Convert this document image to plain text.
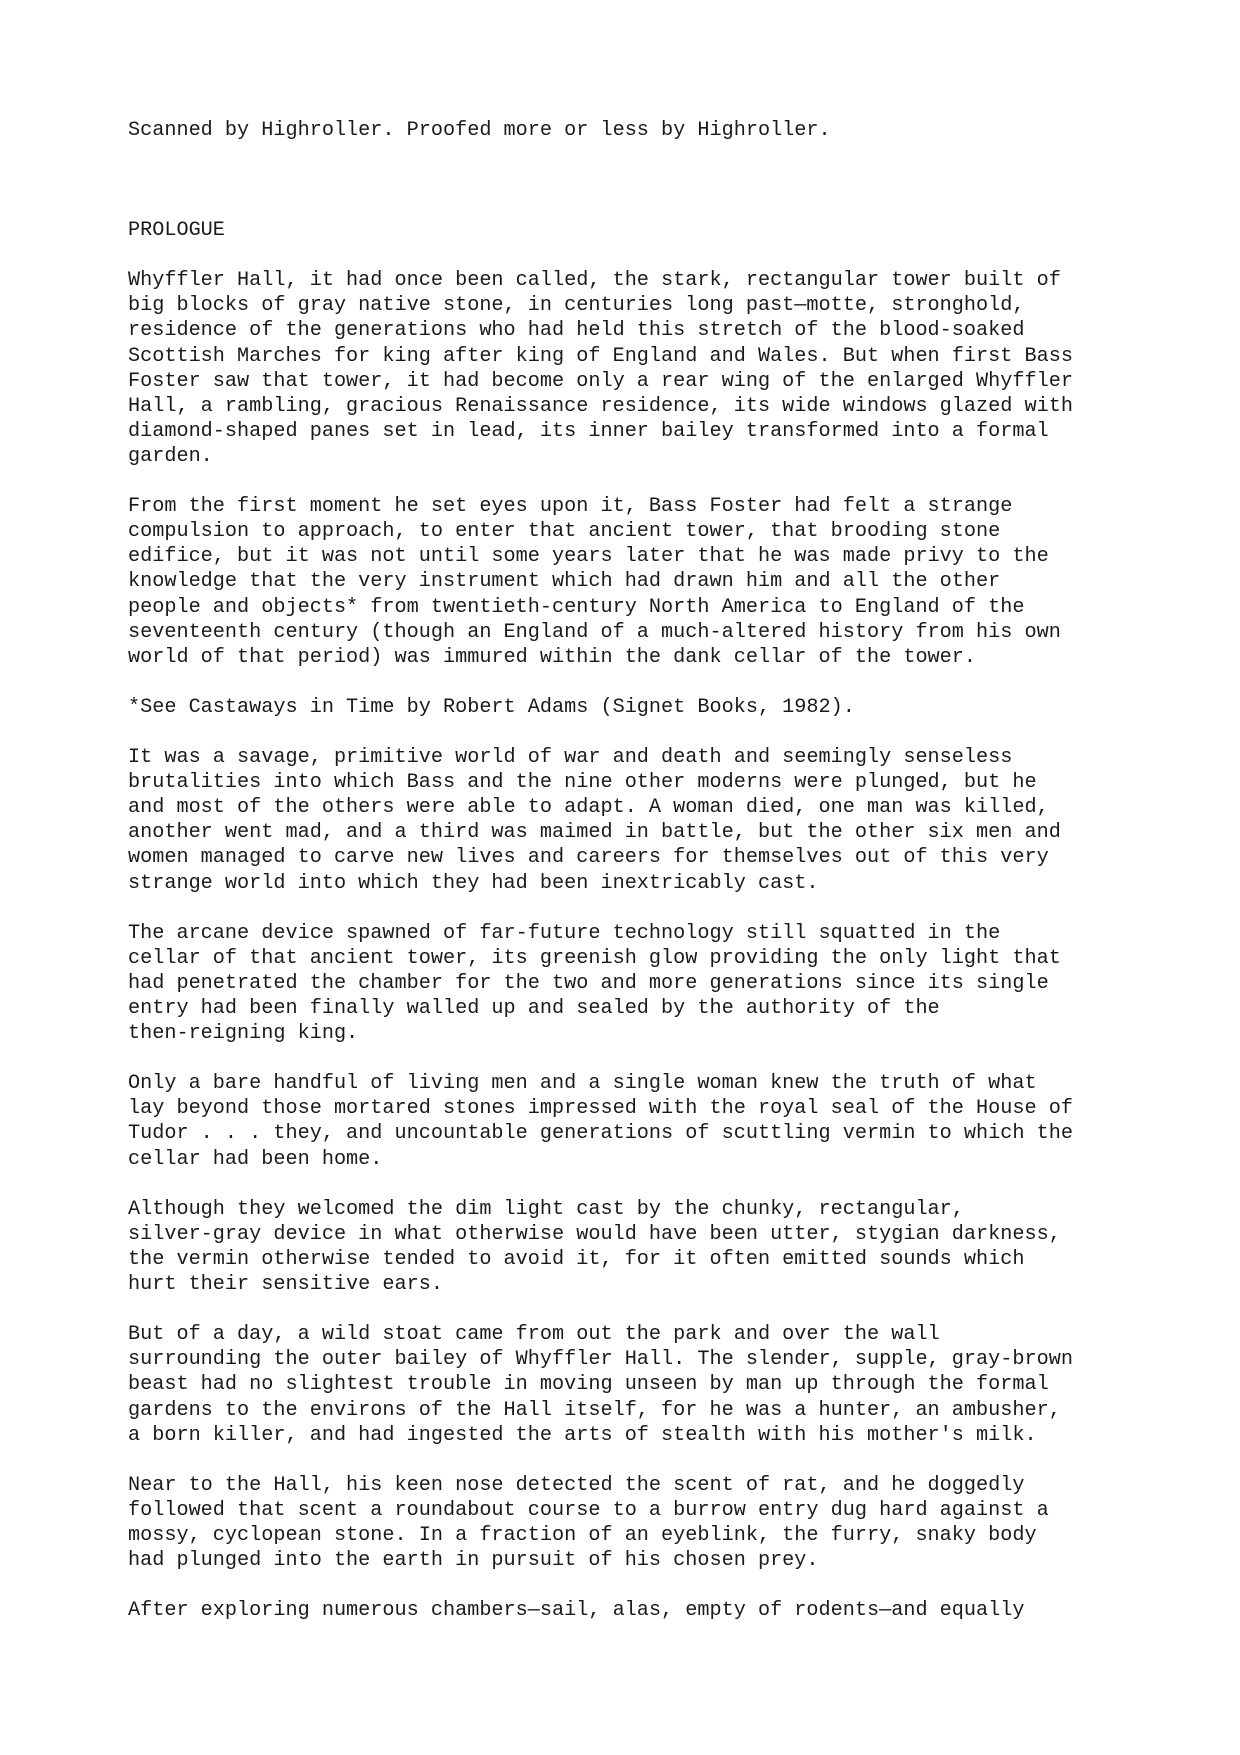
Scanned by Highroller. Proofed more or less by Highroller.
PROLOGUE
Whyffler Hall, it had once been called, the stark, rectangular tower built of
big blocks of gray native stone, in centuries long past—motte, stronghold,
residence of the generations who had held this stretch of the blood-soaked
Scottish Marches for king after king of England and Wales. But when first Bass
Foster saw that tower, it had become only a rear wing of the enlarged Whyffler
Hall, a rambling, gracious Renaissance residence, its wide windows glazed with
diamond-shaped panes set in lead, its inner bailey transformed into a formal
garden.
From the first moment he set eyes upon it, Bass Foster had felt a strange
compulsion to approach, to enter that ancient tower, that brooding stone
edifice, but it was not until some years later that he was made privy to the
knowledge that the very instrument which had drawn him and all the other
people and objects* from twentieth-century North America to England of the
seventeenth century (though an England of a much-altered history from his own
world of that period) was immured within the dank cellar of the tower.
*See Castaways in Time by Robert Adams (Signet Books, 1982).
It was a savage, primitive world of war and death and seemingly senseless
brutalities into which Bass and the nine other moderns were plunged, but he
and most of the others were able to adapt. A woman died, one man was killed,
another went mad, and a third was maimed in battle, but the other six men and
women managed to carve new lives and careers for themselves out of this very
strange world into which they had been inextricably cast.
The arcane device spawned of far-future technology still squatted in the
cellar of that ancient tower, its greenish glow providing the only light that
had penetrated the chamber for the two and more generations since its single
entry had been finally walled up and sealed by the authority of the
then-reigning king.
Only a bare handful of living men and a single woman knew the truth of what
lay beyond those mortared stones impressed with the royal seal of the House of
Tudor . . . they, and uncountable generations of scuttling vermin to which the
cellar had been home.
Although they welcomed the dim light cast by the chunky, rectangular,
silver-gray device in what otherwise would have been utter, stygian darkness,
the vermin otherwise tended to avoid it, for it often emitted sounds which
hurt their sensitive ears.
But of a day, a wild stoat came from out the park and over the wall
surrounding the outer bailey of Whyffler Hall. The slender, supple, gray-brown
beast had no slightest trouble in moving unseen by man up through the formal
gardens to the environs of the Hall itself, for he was a hunter, an ambusher,
a born killer, and had ingested the arts of stealth with his mother's milk.
Near to the Hall, his keen nose detected the scent of rat, and he doggedly
followed that scent a roundabout course to a burrow entry dug hard against a
mossy, cyclopean stone. In a fraction of an eyeblink, the furry, snaky body
had plunged into the earth in pursuit of his chosen prey.
After exploring numerous chambers—sail, alas, empty of rodents—and equally
